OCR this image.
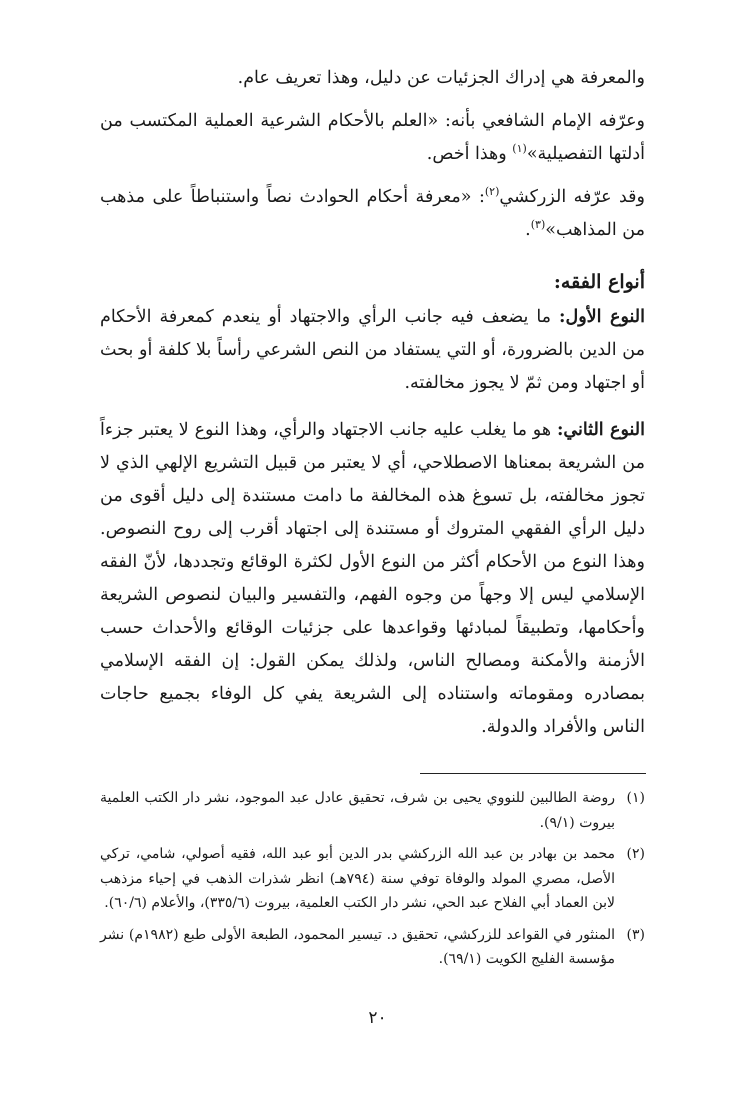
والمعرفة هي إدراك الجزئيات عن دليل، وهذا تعريف عام.

وعرّفه الإمام الشافعي بأنه: «العلم بالأحكام الشرعية العملية المكتسب من أدلتها التفصيلية»$^{(١)}$ وهذا أخص.

وقد عرّفه الزركشي$^{(٢)}$: «معرفة أحكام الحوادث نصاً واستنباطاً على مذهب من المذاهب»$^{(٣)}$.

أنواع الفقه:

النوع الأول: ما يضعف فيه جانب الرأي والاجتهاد أو ينعدم كمعرفة الأحكام من الدين بالضرورة، أو التي يستفاد من النص الشرعي رأساً بلا كلفة أو بحث أو اجتهاد ومن ثمّ لا يجوز مخالفته.

النوع الثاني: هو ما يغلب عليه جانب الاجتهاد والرأي، وهذا النوع لا يعتبر جزءاً من الشريعة بمعناها الاصطلاحي، أي لا يعتبر من قبيل التشريع الإلهي الذي لا تجوز مخالفته، بل تسوغ هذه المخالفة ما دامت مستندة إلى دليل أقوى من دليل الرأي الفقهي المتروك أو مستندة إلى اجتهاد أقرب إلى روح النصوص. وهذا النوع من الأحكام أكثر من النوع الأول لكثرة الوقائع وتجددها، لأنّ الفقه الإسلامي ليس إلا وجهاً من وجوه الفهم، والتفسير والبيان لنصوص الشريعة وأحكامها، وتطبيقاً لمبادئها وقواعدها على جزئيات الوقائع والأحداث حسب الأزمنة والأمكنة ومصالح الناس، ولذلك يمكن القول: إن الفقه الإسلامي بمصادره ومقوماته واستناده إلى الشريعة يفي كل الوفاء بجميع حاجات الناس والأفراد والدولة.

(١)
روضة الطالبين للنووي يحيى بن شرف، تحقيق عادل عبد الموجود، نشر دار الكتب العلمية بيروت (٩/١).
(٢)
محمد بن بهادر بن عبد الله الزركشي بدر الدين أبو عبد الله، فقيه أصولي، شامي، تركي الأصل، مصري المولد والوفاة توفي سنة (٧٩٤هـ) انظر شذرات الذهب في إحياء مزذهب لابن العماد أبي الفلاح عبد الحي، نشر دار الكتب العلمية، بيروت (٣٣٥/٦)، والأعلام (٦٠/٦).
(٣)
المنثور في القواعد للزركشي، تحقيق د. تيسير المحمود، الطبعة الأولى طبع (١٩٨٢م) نشر مؤسسة الفليج الكويت (٦٩/١).
٢٠
